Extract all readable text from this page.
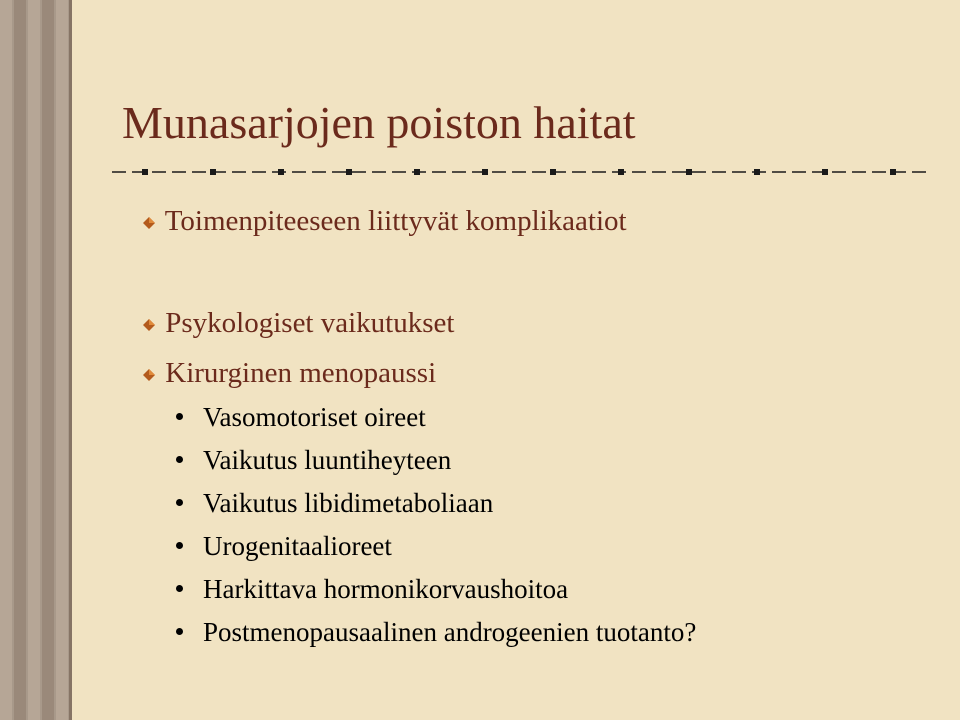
Munasarjojen poiston haitat
Toimenpiteeseen liittyvät komplikaatiot
Psykologiset vaikutukset
Kirurginen menopaussi
Vasomotoriset oireet
Vaikutus luuntiheyteen
Vaikutus libidimetaboliaan
Urogenitaalioreet
Harkittava hormonikorvaushoitoa
Postmenopausaalinen androgeenien tuotanto?
